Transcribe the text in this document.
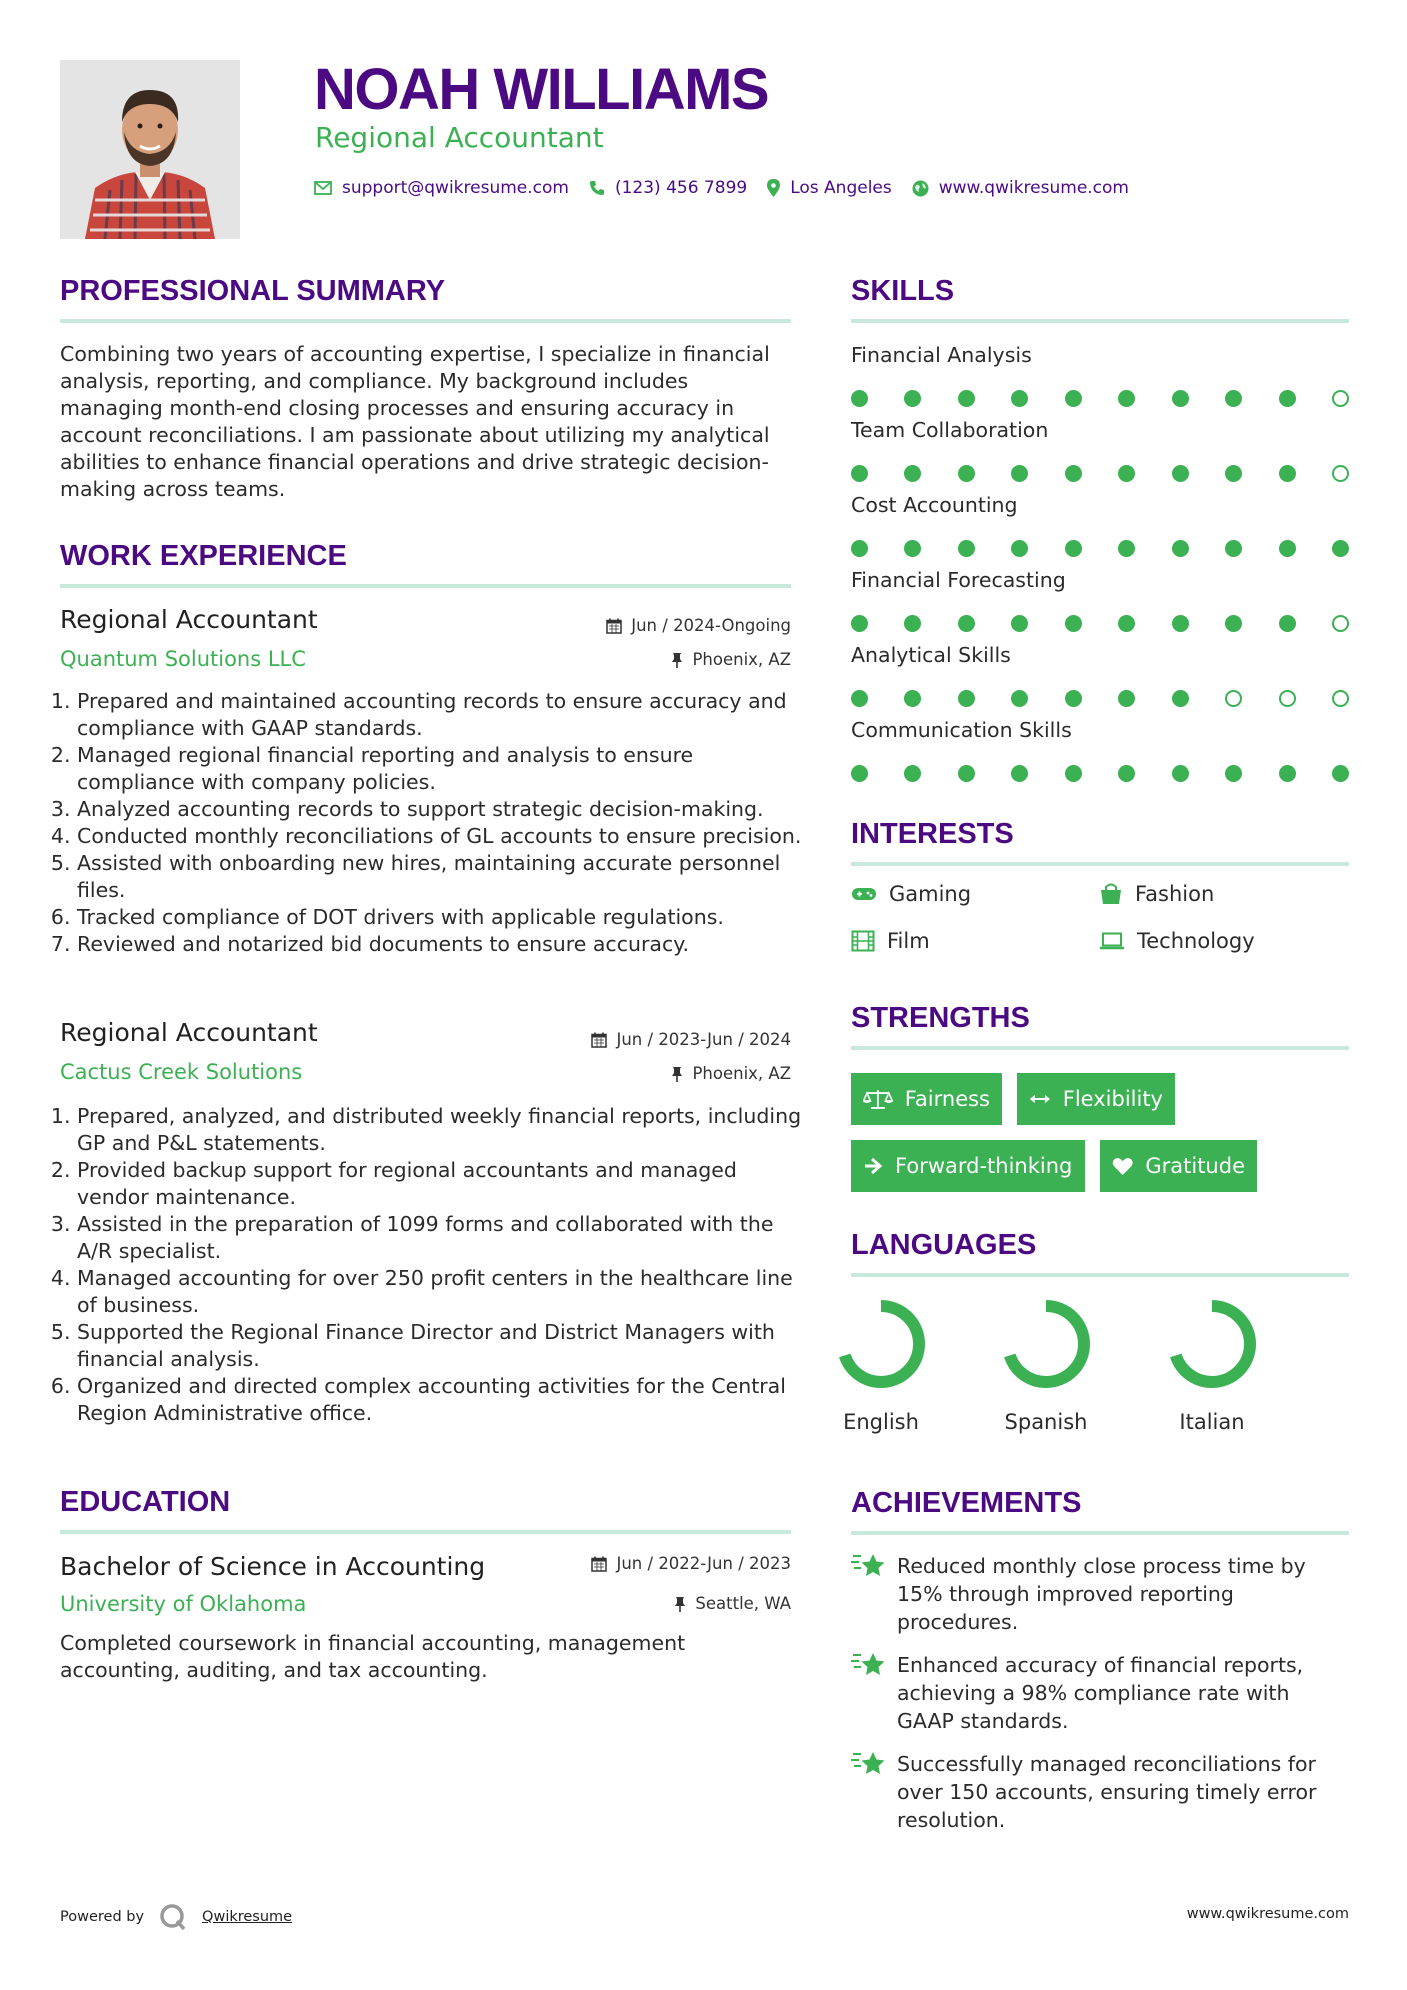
NOAH WILLIAMS
Regional Accountant
support@qwikresume.com	(123) 456 7899	Los Angeles	www.qwikresume.com
PROFESSIONAL SUMMARY
Combining two years of accounting expertise, I specialize in financial analysis, reporting, and compliance. My background includes managing month-end closing processes and ensuring accuracy in account reconciliations. I am passionate about utilizing my analytical abilities to enhance financial operations and drive strategic decision-making across teams.
WORK EXPERIENCE
Regional Accountant	Jun / 2024-Ongoing
Quantum Solutions LLC	Phoenix, AZ
1. Prepared and maintained accounting records to ensure accuracy and compliance with GAAP standards.
2. Managed regional financial reporting and analysis to ensure compliance with company policies.
3. Analyzed accounting records to support strategic decision-making.
4. Conducted monthly reconciliations of GL accounts to ensure precision.
5. Assisted with onboarding new hires, maintaining accurate personnel files.
6. Tracked compliance of DOT drivers with applicable regulations.
7. Reviewed and notarized bid documents to ensure accuracy.
Regional Accountant	Jun / 2023-Jun / 2024
Cactus Creek Solutions	Phoenix, AZ
1. Prepared, analyzed, and distributed weekly financial reports, including GP and P&L statements.
2. Provided backup support for regional accountants and managed vendor maintenance.
3. Assisted in the preparation of 1099 forms and collaborated with the A/R specialist.
4. Managed accounting for over 250 profit centers in the healthcare line of business.
5. Supported the Regional Finance Director and District Managers with financial analysis.
6. Organized and directed complex accounting activities for the Central Region Administrative office.
EDUCATION
Bachelor of Science in Accounting	Jun / 2022-Jun / 2023
University of Oklahoma	Seattle, WA
Completed coursework in financial accounting, management accounting, auditing, and tax accounting.
SKILLS
Financial Analysis
Team Collaboration
Cost Accounting
Financial Forecasting
Analytical Skills
Communication Skills
INTERESTS
Gaming	Fashion
Film	Technology
STRENGTHS
Fairness	Flexibility
Forward-thinking	Gratitude
LANGUAGES
English	Spanish	Italian
ACHIEVEMENTS
Reduced monthly close process time by 15% through improved reporting procedures.
Enhanced accuracy of financial reports, achieving a 98% compliance rate with GAAP standards.
Successfully managed reconciliations for over 150 accounts, ensuring timely error resolution.
Powered by	Qwikresume	www.qwikresume.com
